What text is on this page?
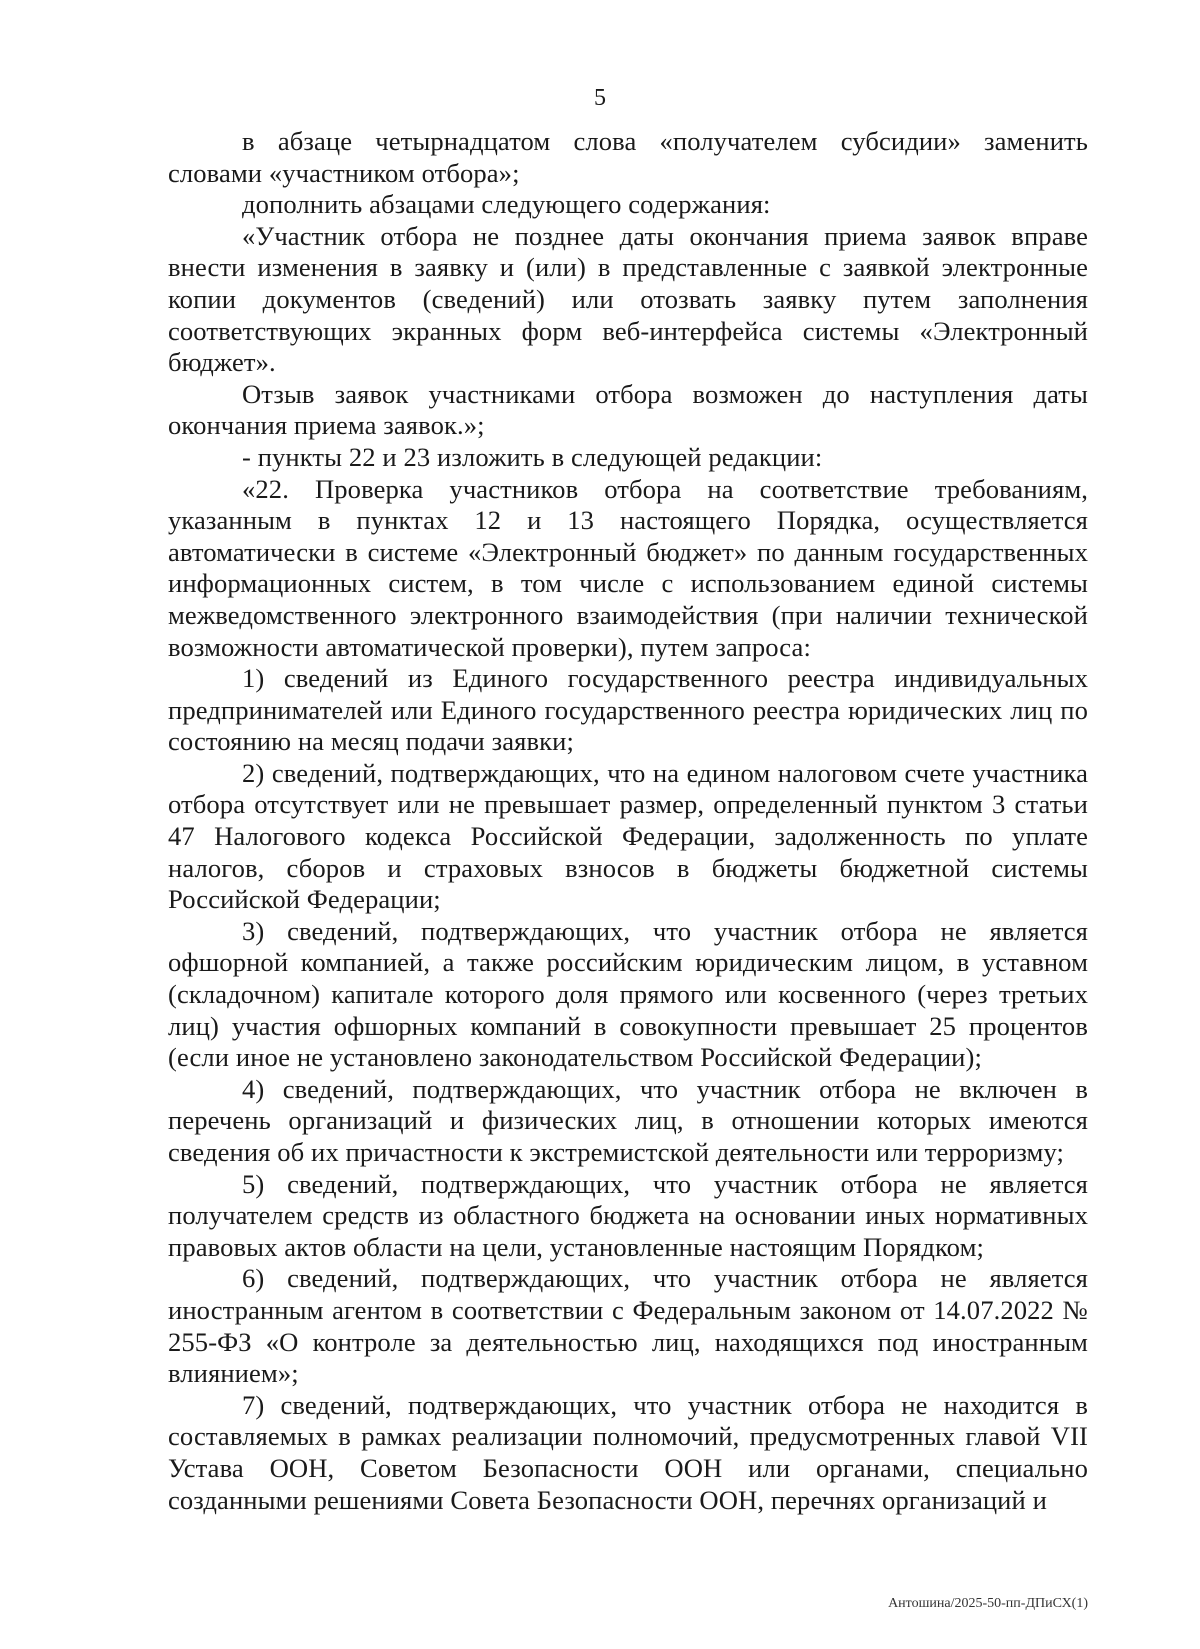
5

в абзаце четырнадцатом слова «получателем субсидии» заменить словами «участником отбора»;

дополнить абзацами следующего содержания:

«Участник отбора не позднее даты окончания приема заявок вправе внести изменения в заявку и (или) в представленные с заявкой электронные копии документов (сведений) или отозвать заявку путем заполнения соответствующих экранных форм веб-интерфейса системы «Электронный бюджет».

Отзыв заявок участниками отбора возможен до наступления даты окончания приема заявок.»;

- пункты 22 и 23 изложить в следующей редакции:

«22. Проверка участников отбора на соответствие требованиям, указанным в пунктах 12 и 13 настоящего Порядка, осуществляется автоматически в системе «Электронный бюджет» по данным государственных информационных систем, в том числе с использованием единой системы межведомственного электронного взаимодействия (при наличии технической возможности автоматической проверки), путем запроса:

1) сведений из Единого государственного реестра индивидуальных предпринимателей или Единого государственного реестра юридических лиц по состоянию на месяц подачи заявки;

2) сведений, подтверждающих, что на едином налоговом счете участника отбора отсутствует или не превышает размер, определенный пунктом 3 статьи 47 Налогового кодекса Российской Федерации, задолженность по уплате налогов, сборов и страховых взносов в бюджеты бюджетной системы Российской Федерации;

3) сведений, подтверждающих, что участник отбора не является офшорной компанией, а также российским юридическим лицом, в уставном (складочном) капитале которого доля прямого или косвенного (через третьих лиц) участия офшорных компаний в совокупности превышает 25 процентов (если иное не установлено законодательством Российской Федерации);

4) сведений, подтверждающих, что участник отбора не включен в перечень организаций и физических лиц, в отношении которых имеются сведения об их причастности к экстремистской деятельности или терроризму;

5) сведений, подтверждающих, что участник отбора не является получателем средств из областного бюджета на основании иных нормативных правовых актов области на цели, установленные настоящим Порядком;

6) сведений, подтверждающих, что участник отбора не является иностранным агентом в соответствии с Федеральным законом от 14.07.2022 № 255-ФЗ «О контроле за деятельностью лиц, находящихся под иностранным влиянием»;

7) сведений, подтверждающих, что участник отбора не находится в составляемых в рамках реализации полномочий, предусмотренных главой VII Устава ООН, Советом Безопасности ООН или органами, специально созданными решениями Совета Безопасности ООН, перечнях организаций и

Антошина/2025-50-пп-ДПиСХ(1)
